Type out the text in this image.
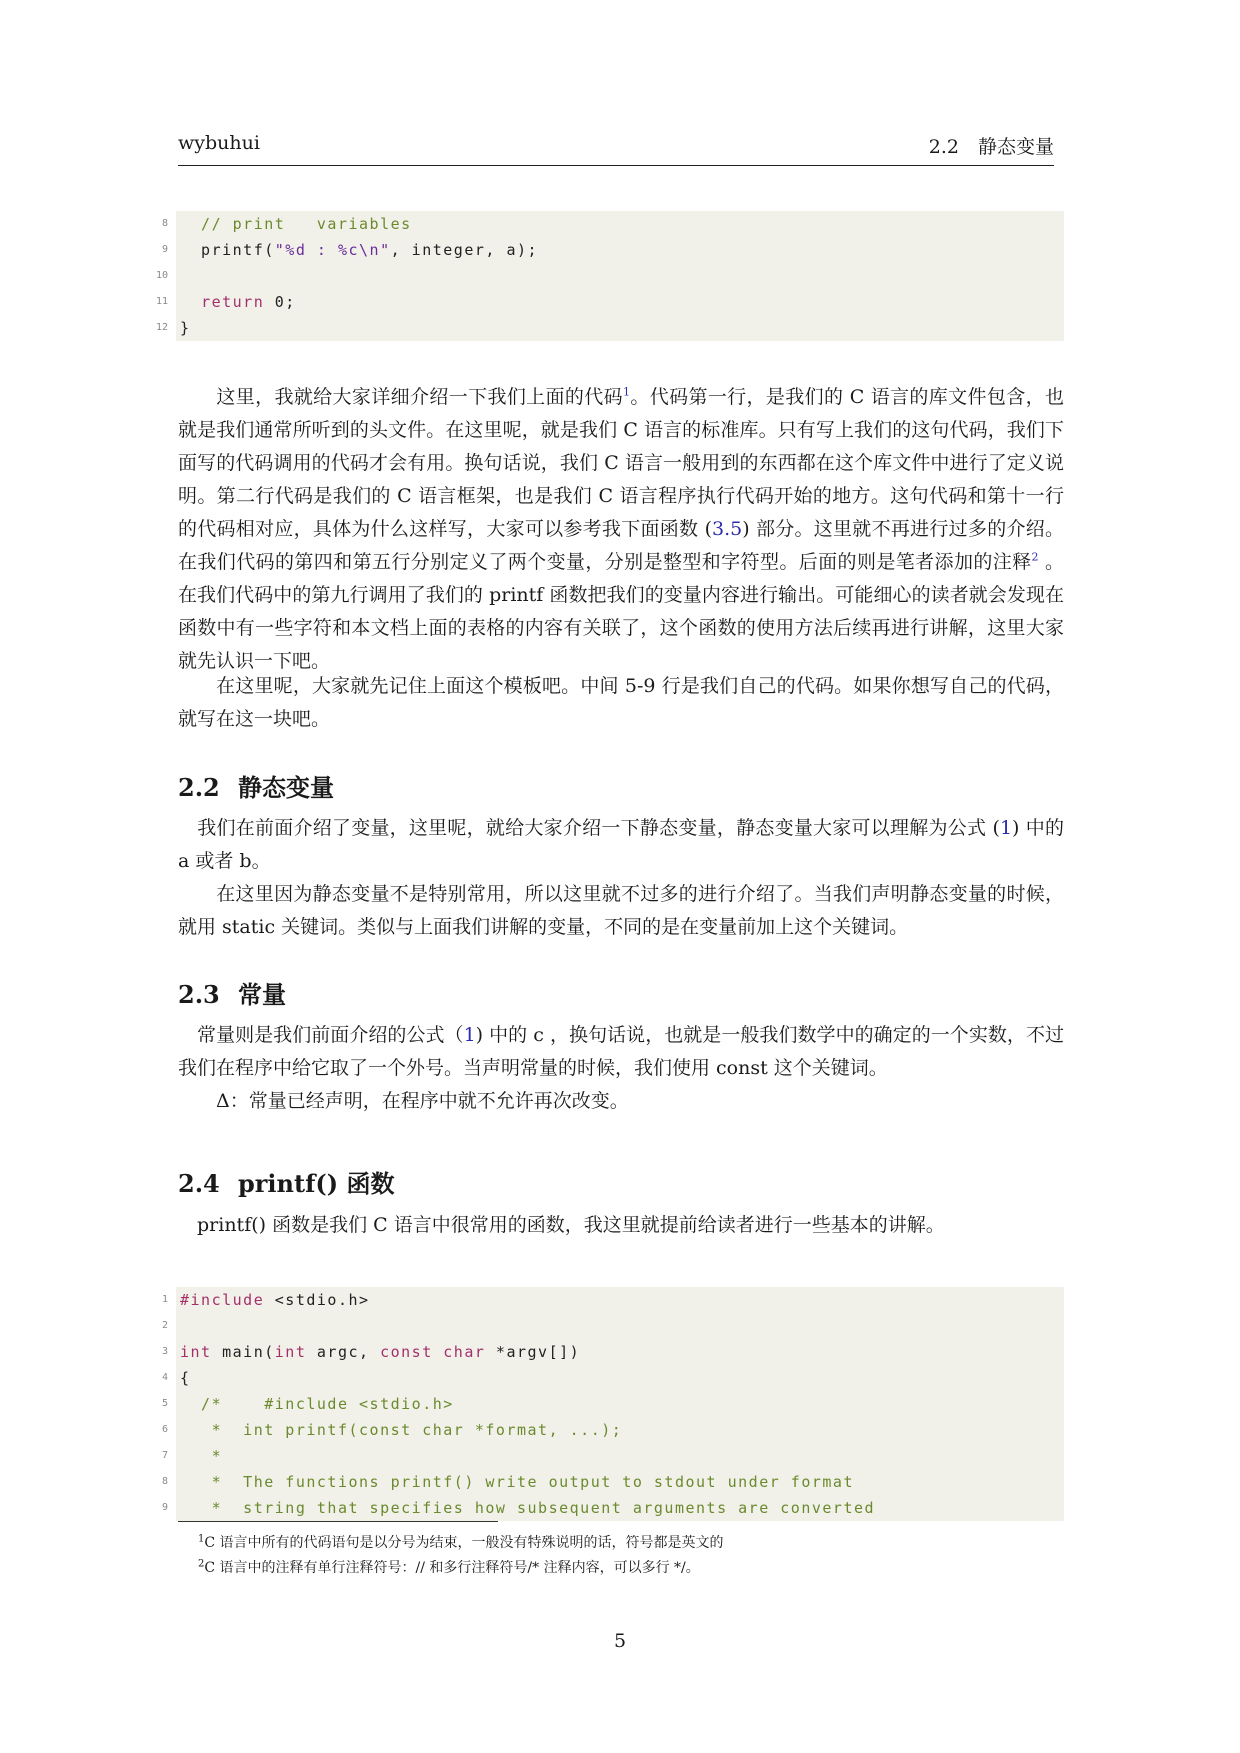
wybuhui	2.2 静态变量
8 // print   variables
9 printf("%d : %c\n", integer, a);
10
11 return 0;
12 }
这里，我就给大家详细介绍一下我们上面的代码$^1$。代码第一行，是我们的 C 语言的库文件包含，也就是我们通常所听到的头文件。在这里呢，就是我们 C 语言的标准库。只有写上我们的这句代码，我们下面写的代码调用的代码才会有用。换句话说，我们 C 语言一般用到的东西都在这个库文件中进行了定义说明。第二行代码是我们的 C 语言框架，也是我们 C 语言程序执行代码开始的地方。这句代码和第十一行的代码相对应，具体为什么这样写，大家可以参考我下面函数 (3.5) 部分。这里就不再进行过多的介绍。在我们代码的第四和第五行分别定义了两个变量，分别是整型和字符型。后面的则是笔者添加的注释$^2$ 。在我们代码中的第九行调用了我们的 printf 函数把我们的变量内容进行输出。可能细心的读者就会发现在函数中有一些字符和本文档上面的表格的内容有关联了，这个函数的使用方法后续再进行讲解，这里大家就先认识一下吧。
在这里呢，大家就先记住上面这个模板吧。中间 5-9 行是我们自己的代码。如果你想写自己的代码，就写在这一块吧。
2.2 静态变量
我们在前面介绍了变量，这里呢，就给大家介绍一下静态变量，静态变量大家可以理解为公式 (1) 中的 a 或者 b。
在这里因为静态变量不是特别常用，所以这里就不过多的进行介绍了。当我们声明静态变量的时候，就用 static 关键词。类似与上面我们讲解的变量，不同的是在变量前加上这个关键词。
2.3 常量
常量则是我们前面介绍的公式（1) 中的 c ，换句话说，也就是一般我们数学中的确定的一个实数，不过我们在程序中给它取了一个外号。当声明常量的时候，我们使用 const 这个关键词。
Δ：常量已经声明，在程序中就不允许再次改变。
2.4 printf() 函数
printf() 函数是我们 C 语言中很常用的函数，我这里就提前给读者进行一些基本的讲解。
1 #include <stdio.h>
2
3 int main(int argc, const char *argv[])
4 {
5 /*    #include <stdio.h>
6 *  int printf(const char *format, ...);
7 *
8 *  The functions printf() write output to stdout under format
9 *  string that specifies how subsequent arguments are converted
$^1$C 语言中所有的代码语句是以分号为结束，一般没有特殊说明的话，符号都是英文的
$^2$C 语言中的注释有单行注释符号：// 和多行注释符号/* 注释内容，可以多行 */。
5
